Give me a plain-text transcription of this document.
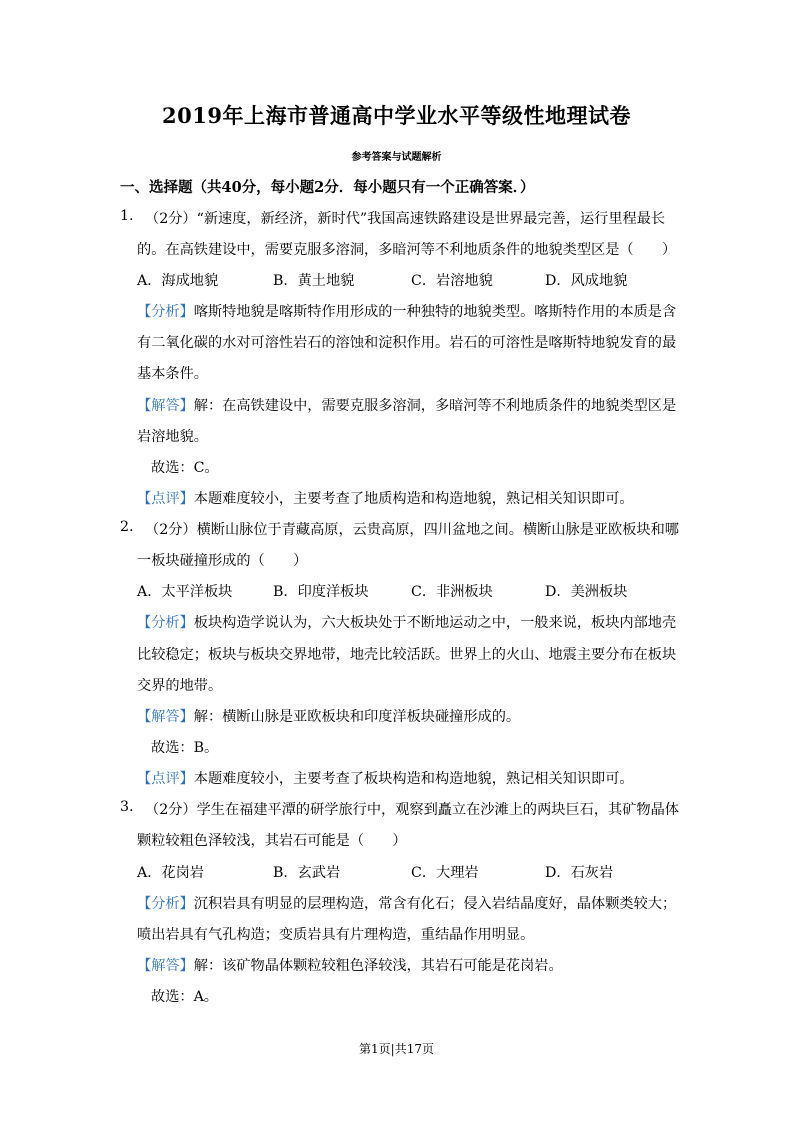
2019年上海市普通高中学业水平等级性地理试卷
参考答案与试题解析
一、选择题（共40分，每小题2分．每小题只有一个正确答案．）
1. （2分）“新速度，新经济，新时代”我国高速铁路建设是世界最完善，运行里程最长
的。在高铁建设中，需要克服多溶洞，多暗河等不利地质条件的地貌类型区是（　　）
A．海成地貌	B．黄土地貌	C．岩溶地貌	D．风成地貌
【分析】喀斯特地貌是喀斯特作用形成的一种独特的地貌类型。喀斯特作用的本质是含
有二氧化碳的水对可溶性岩石的溶蚀和淀积作用。岩石的可溶性是喀斯特地貌发育的最
基本条件。
【解答】解：在高铁建设中，需要克服多溶洞，多暗河等不利地质条件的地貌类型区是
岩溶地貌。
故选：C。
【点评】本题难度较小，主要考查了地质构造和构造地貌，熟记相关知识即可。
2. （2分）横断山脉位于青藏高原，云贵高原，四川盆地之间。横断山脉是亚欧板块和哪
一板块碰撞形成的（　　）
A．太平洋板块	B．印度洋板块	C．非洲板块	D．美洲板块
【分析】板块构造学说认为，六大板块处于不断地运动之中，一般来说，板块内部地壳
比较稳定；板块与板块交界地带，地壳比较活跃。世界上的火山、地震主要分布在板块
交界的地带。
【解答】解：横断山脉是亚欧板块和印度洋板块碰撞形成的。
故选：B。
【点评】本题难度较小，主要考查了板块构造和构造地貌，熟记相关知识即可。
3. （2分）学生在福建平潭的研学旅行中，观察到矗立在沙滩上的两块巨石，其矿物晶体
颗粒较粗色泽较浅，其岩石可能是（　　）
A．花岗岩	B．玄武岩	C．大理岩	D．石灰岩
【分析】沉积岩具有明显的层理构造，常含有化石；侵入岩结晶度好，晶体颗类较大；
喷出岩具有气孔构造；变质岩具有片理构造，重结晶作用明显。
【解答】解：该矿物晶体颗粒较粗色泽较浅，其岩石可能是花岗岩。
故选：A。
第1页|共17页
